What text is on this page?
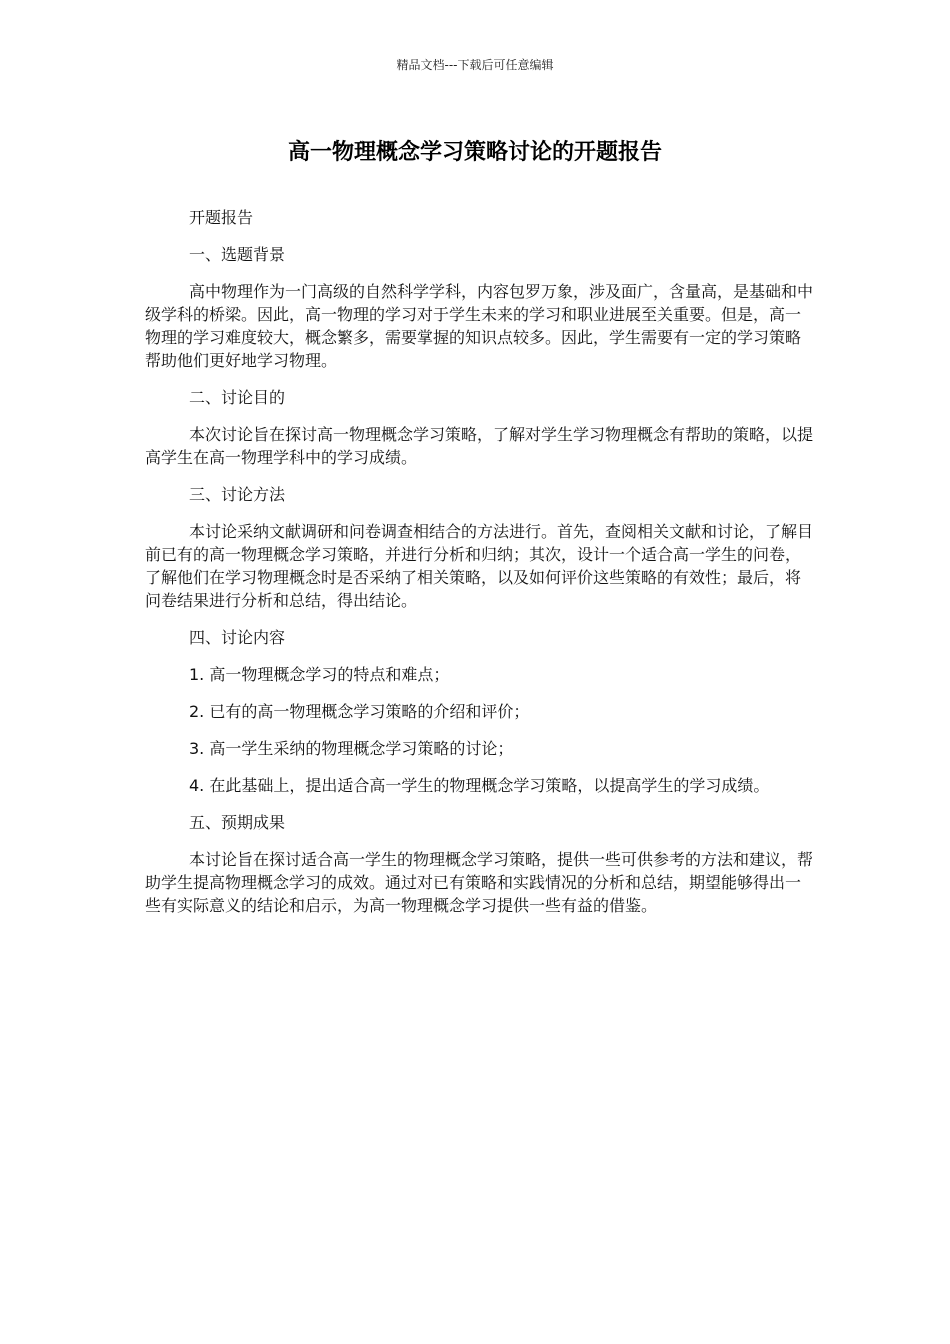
精品文档---下载后可任意编辑
高一物理概念学习策略讨论的开题报告

开题报告

一、选题背景

高中物理作为一门高级的自然科学学科，内容包罗万象，涉及面广，含量高，是基础和中级学科的桥梁。因此，高一物理的学习对于学生未来的学习和职业进展至关重要。但是，高一物理的学习难度较大，概念繁多，需要掌握的知识点较多。因此，学生需要有一定的学习策略帮助他们更好地学习物理。

二、讨论目的

本次讨论旨在探讨高一物理概念学习策略，了解对学生学习物理概念有帮助的策略，以提高学生在高一物理学科中的学习成绩。

三、讨论方法

本讨论采纳文献调研和问卷调查相结合的方法进行。首先，查阅相关文献和讨论，了解目前已有的高一物理概念学习策略，并进行分析和归纳；其次，设计一个适合高一学生的问卷，了解他们在学习物理概念时是否采纳了相关策略，以及如何评价这些策略的有效性；最后，将问卷结果进行分析和总结，得出结论。

四、讨论内容

1. 高一物理概念学习的特点和难点；

2. 已有的高一物理概念学习策略的介绍和评价；

3. 高一学生采纳的物理概念学习策略的讨论；

4. 在此基础上，提出适合高一学生的物理概念学习策略，以提高学生的学习成绩。

五、预期成果

本讨论旨在探讨适合高一学生的物理概念学习策略，提供一些可供参考的方法和建议，帮助学生提高物理概念学习的成效。通过对已有策略和实践情况的分析和总结，期望能够得出一些有实际意义的结论和启示，为高一物理概念学习提供一些有益的借鉴。
